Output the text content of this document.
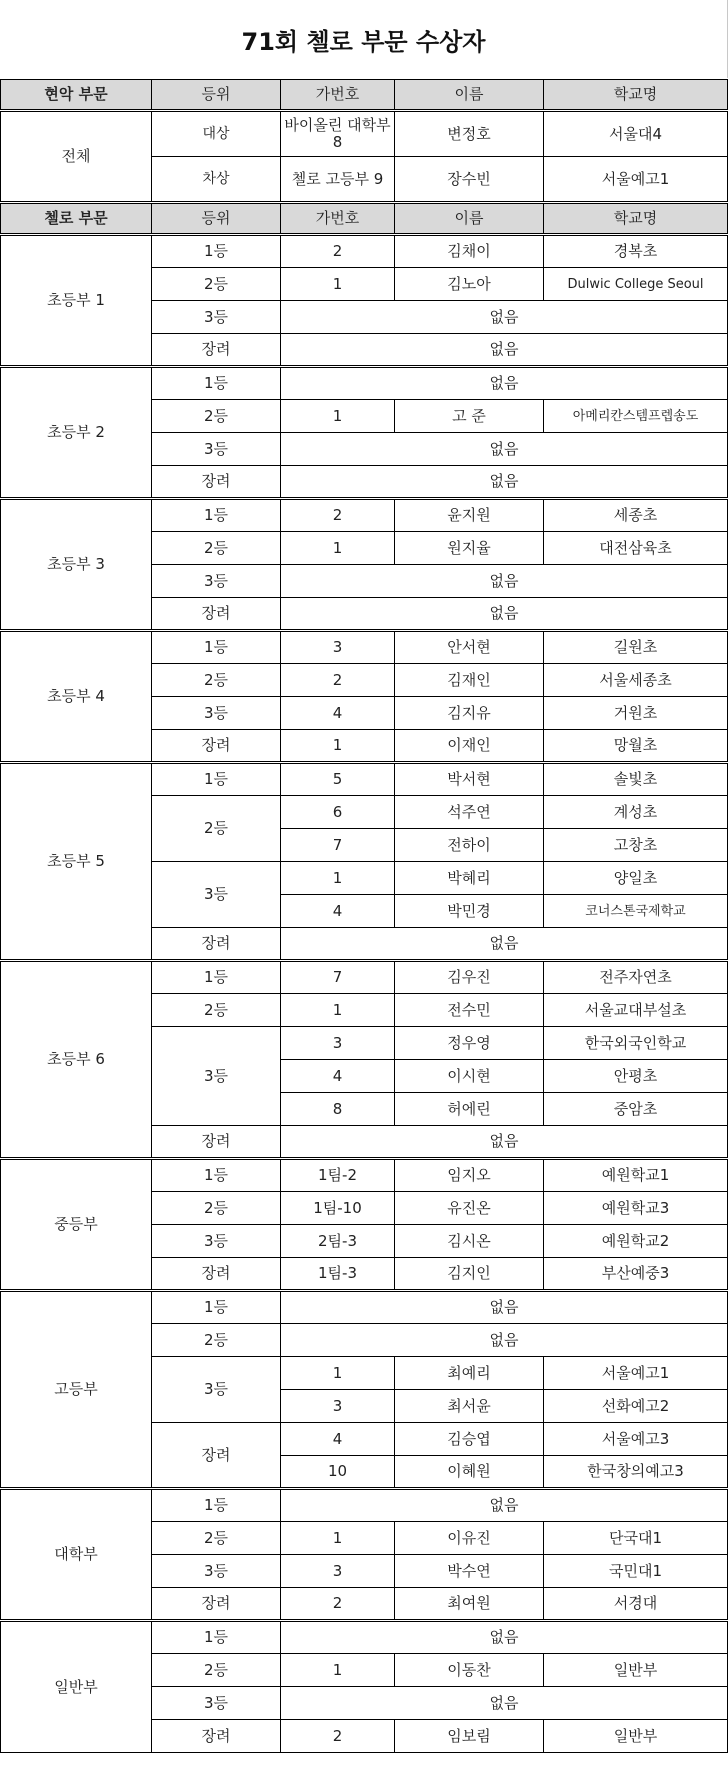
71회 첼로 부문 수상자
현악 부문	등위	가번호	이름	학교명
전체	대상	바이올린 대학부 8	변정호	서울대4
	차상	첼로 고등부 9	장수빈	서울예고1
첼로 부문	등위	가번호	이름	학교명
초등부 1	1등	2	김채이	경복초
	2등	1	김노아	Dulwic College Seoul
	3등	없음		
	장려	없음		
초등부 2	1등	없음		
	2등	1	고 준	아메리칸스템프렙송도
	3등	없음		
	장려	없음		
초등부 3	1등	2	윤지원	세종초
	2등	1	원지율	대전삼육초
	3등	없음		
	장려	없음		
초등부 4	1등	3	안서현	길원초
	2등	2	김재인	서울세종초
	3등	4	김지유	거원초
	장려	1	이재인	망월초
초등부 5	1등	5	박서현	솔빛초
	2등	6	석주연	계성초
		7	전하이	고창초
	3등	1	박혜리	양일초
		4	박민경	코너스톤국제학교
	장려	없음		
초등부 6	1등	7	김우진	전주자연초
	2등	1	전수민	서울교대부설초
	3등	3	정우영	한국외국인학교
		4	이시현	안평초
		8	허에린	중암초
	장려	없음		
중등부	1등	1팀-2	임지오	예원학교1
	2등	1팀-10	유진온	예원학교3
	3등	2팀-3	김시온	예원학교2
	장려	1팀-3	김지인	부산예중3
고등부	1등	없음		
	2등	없음		
	3등	1	최예리	서울예고1
		3	최서윤	선화예고2
	장려	4	김승엽	서울예고3
		10	이혜원	한국창의예고3
대학부	1등	없음		
	2등	1	이유진	단국대1
	3등	3	박수연	국민대1
	장려	2	최여원	서경대
일반부	1등	없음		
	2등	1	이동찬	일반부
	3등	없음		
	장려	2	임보림	일반부
